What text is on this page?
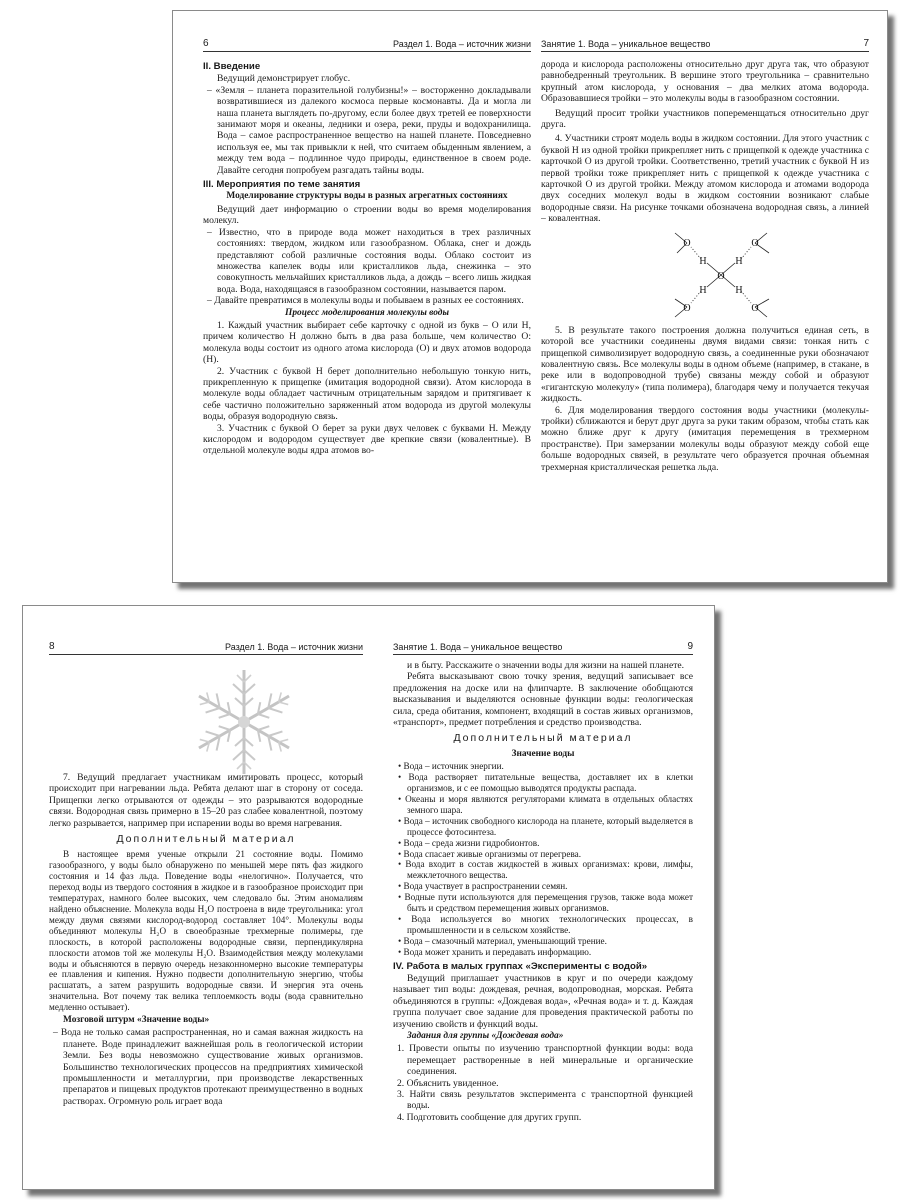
6	Раздел 1. Вода – источник жизни
II. Введение

Ведущий демонстрирует глобус.

– «Земля – планета поразительной голубизны!» – восторженно докладывали возвратившиеся из далекого космоса первые космонавты. Да и могла ли наша планета выглядеть по-другому, если более двух третей ее поверхности занимают моря и океаны, ледники и озера, реки, пруды и водохранилища. Вода – самое распространенное вещество на нашей планете. Повседневно используя ее, мы так привыкли к ней, что считаем обыденным явлением, а между тем вода – подлинное чудо природы, единственное в своем роде. Давайте сегодня попробуем разгадать тайны воды.

III. Мероприятия по теме занятия
Моделирование структуры воды в разных агрегатных состояниях

Ведущий дает информацию о строении воды во время моделирования молекул.

– Известно, что в природе вода может находиться в трех различных состояниях: твердом, жидком или газообразном. Облака, снег и дождь представляют собой различные состояния воды. Облако состоит из множества капелек воды или кристалликов льда, снежинка – это совокупность мельчайших кристалликов льда, а дождь – всего лишь жидкая вода. Вода, находящаяся в газообразном состоянии, называется паром.

– Давайте превратимся в молекулы воды и побываем в разных ее состояниях.

Процесс моделирования молекулы воды

1. Каждый участник выбирает себе карточку с одной из букв – О или Н, причем количество Н должно быть в два раза больше, чем количество О: молекула воды состоит из одного атома кислорода (О) и двух атомов водорода (Н).

2. Участник с буквой Н берет дополнительно небольшую тонкую нить, прикрепленную к прищепке (имитация водородной связи). Атом кислорода в молекуле воды обладает частичным отрицательным зарядом и притягивает к себе частично положительно заряженный атом водорода из другой молекулы воды, образуя водородную связь.

3. Участник с буквой О берет за руки двух человек с буквами Н. Между кислородом и водородом существует две крепкие связи (ковалентные). В отдельной молекуле воды ядра атомов во-

Занятие 1. Вода – уникальное вещество	7

дорода и кислорода расположены относительно друг друга так, что образуют равнобедренный треугольник. В вершине этого треугольника – сравнительно крупный атом кислорода, у основания – два мелких атома водорода. Образовавшиеся тройки – это молекулы воды в газообразном состоянии.

Ведущий просит тройки участников попеременщаться относительно друг друга.

4. Участники строят модель воды в жидком состоянии. Для этого участник с буквой Н из одной тройки прикрепляет нить с прищепкой к одежде участника с карточкой О из другой тройки. Соответственно, третий участник с буквой Н из первой тройки тоже прикрепляет нить с прищепкой к одежде участника с карточкой О из другой тройки. Между атомом кислорода и атомами водорода двух соседних молекул воды в жидком состоянии возникают слабые водородные связи. На рисунке точками обозначена водородная связь, а линией – ковалентная.

O
H	H
H	H
O	O
O	O

5. В результате такого построения должна получиться единая сеть, в которой все участники соединены двумя видами связи: тонкая нить с прищепкой символизирует водородную связь, а соединенные руки обозначают ковалентную связь. Все молекулы воды в одном объеме (например, в стакане, в реке или в водопроводной трубе) связаны между собой и образуют «гигантскую молекулу» (типа полимера), благодаря чему и получается текучая жидкость.

6. Для моделирования твердого состояния воды участники (молекулы-тройки) сближаются и берут друг друга за руки таким образом, чтобы стать как можно ближе друг к другу (имитация перемещения в трехмерном пространстве). При замерзании молекулы воды образуют между собой еще больше водородных связей, в результате чего образуется прочная объемная трехмерная кристаллическая решетка льда.

8	Раздел 1. Вода – источник жизни

7. Ведущий предлагает участникам имитировать процесс, который происходит при нагревании льда. Ребята делают шаг в сторону от соседа. Прищепки легко отрываются от одежды – это разрываются водородные связи. Водородная связь примерно в 15–20 раз слабее ковалентной, поэтому легко разрывается, например при испарении воды во время нагревания.

Дополнительный материал

В настоящее время ученые открыли 21 состояние воды. Помимо газообразного, у воды было обнаружено по меньшей мере пять фаз жидкого состояния и 14 фаз льда. Поведение воды «нелогично». Получается, что переход воды из твердого состояния в жидкое и в газообразное происходит при температурах, намного более высоких, чем следовало бы. Этим аномалиям найдено объяснение. Молекула воды H₂O построена в виде треугольника: угол между двумя связями кислород-водород составляет 104°. Молекулы воды объединяют молекулы H₂O в своеобразные трехмерные полимеры, где плоскость, в которой расположены водородные связи, перпендикулярна плоскости атомов той же молекулы H₂O. Взаимодействия между молекулами воды и объясняются в первую очередь незаконномерно высокие температуры ее плавления и кипения. Нужно подвести дополнительную энергию, чтобы расшатать, а затем разрушить водородные связи. И энергия эта очень значительна. Вот почему так велика теплоемкость воды (вода сравнительно медленно остывает).

Мозговой штурм «Значение воды»

– Вода не только самая распространенная, но и самая важная жидкость на планете. Воде принадлежит важнейшая роль в геологической истории Земли. Без воды невозможно существование живых организмов. Большинство технологических процессов на предприятиях химической промышленности и металлургии, при производстве лекарственных препаратов и пищевых продуктов протекают преимущественно в водных растворах. Огромную роль играет вода

Занятие 1. Вода – уникальное вещество	9

и в быту. Расскажите о значении воды для жизни на нашей планете.

Ребята высказывают свою точку зрения, ведущий записывает все предложения на доске или на флипчарте. В заключение обобщаются высказывания и выделяются основные функции воды: геологическая сила, среда обитания, компонент, входящий в состав живых организмов, «транспорт», предмет потребления и средство производства.

Дополнительный материал
Значение воды

• Вода – источник энергии.

• Вода растворяет питательные вещества, доставляет их в клетки организмов, и с ее помощью выводятся продукты распада.

• Океаны и моря являются регуляторами климата в отдельных областях земного шара.

• Вода – источник свободного кислорода на планете, который выделяется в процессе фотосинтеза.

• Вода – среда жизни гидробионтов.

• Вода спасает живые организмы от перегрева.

• Вода входит в состав жидкостей в живых организмах: крови, лимфы, межклеточного вещества.

• Вода участвует в распространении семян.

• Водные пути используются для перемещения грузов, также вода может быть и средством перемещения живых организмов.

• Вода используется во многих технологических процессах, в промышленности и в сельском хозяйстве.

• Вода – смазочный материал, уменьшающий трение.

• Вода может хранить и передавать информацию.

IV. Работа в малых группах «Эксперименты с водой»

Ведущий приглашает участников в круг и по очереди каждому называет тип воды: дождевая, речная, водопроводная, морская. Ребята объединяются в группы: «Дождевая вода», «Речная вода» и т. д. Каждая группа получает свое задание для проведения практической работы по изучению свойств и функций воды.

Задания для группы «Дождевая вода»

1. Провести опыты по изучению транспортной функции воды: вода перемещает растворенные в ней минеральные и органические соединения.

2. Объяснить увиденное.

3. Найти связь результатов эксперимента с транспортной функцией воды.

4. Подготовить сообщение для других групп.
